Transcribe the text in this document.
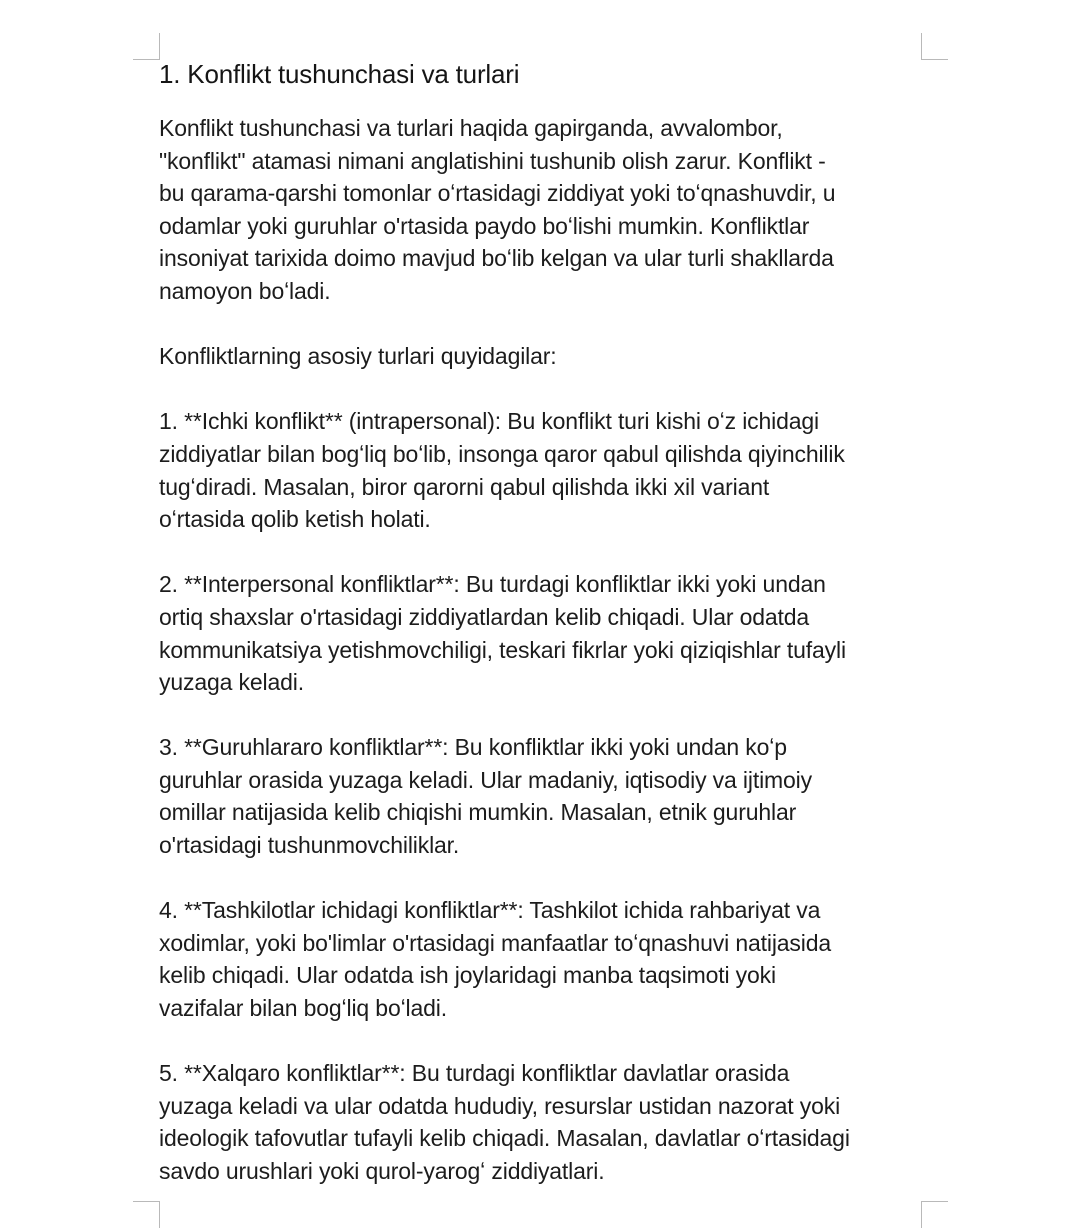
1. Konflikt tushunchasi va turlari

Konflikt tushunchasi va turlari haqida gapirganda, avvalombor,
"konflikt" atamasi nimani anglatishini tushunib olish zarur. Konflikt -
bu qarama-qarshi tomonlar oʻrtasidagi ziddiyat yoki toʻqnashuvdir, u
odamlar yoki guruhlar o'rtasida paydo boʻlishi mumkin. Konfliktlar
insoniyat tarixida doimo mavjud boʻlib kelgan va ular turli shakllarda
namoyon boʻladi.

Konfliktlarning asosiy turlari quyidagilar:

1. **Ichki konflikt** (intrapersonal): Bu konflikt turi kishi oʻz ichidagi
ziddiyatlar bilan bogʻliq boʻlib, insonga qaror qabul qilishda qiyinchilik
tugʻdiradi. Masalan, biror qarorni qabul qilishda ikki xil variant
oʻrtasida qolib ketish holati.

2. **Interpersonal konfliktlar**: Bu turdagi konfliktlar ikki yoki undan
ortiq shaxslar o'rtasidagi ziddiyatlardan kelib chiqadi. Ular odatda
kommunikatsiya yetishmovchiligi, teskari fikrlar yoki qiziqishlar tufayli
yuzaga keladi.

3. **Guruhlararo konfliktlar**: Bu konfliktlar ikki yoki undan koʻp
guruhlar orasida yuzaga keladi. Ular madaniy, iqtisodiy va ijtimoiy
omillar natijasida kelib chiqishi mumkin. Masalan, etnik guruhlar
o'rtasidagi tushunmovchiliklar.

4. **Tashkilotlar ichidagi konfliktlar**: Tashkilot ichida rahbariyat va
xodimlar, yoki bo'limlar o'rtasidagi manfaatlar toʻqnashuvi natijasida
kelib chiqadi. Ular odatda ish joylaridagi manba taqsimoti yoki
vazifalar bilan bogʻliq boʻladi.

5. **Xalqaro konfliktlar**: Bu turdagi konfliktlar davlatlar orasida
yuzaga keladi va ular odatda hududiy, resurslar ustidan nazorat yoki
ideologik tafovutlar tufayli kelib chiqadi. Masalan, davlatlar oʻrtasidagi
savdo urushlari yoki qurol-yarogʻ ziddiyatlari.
